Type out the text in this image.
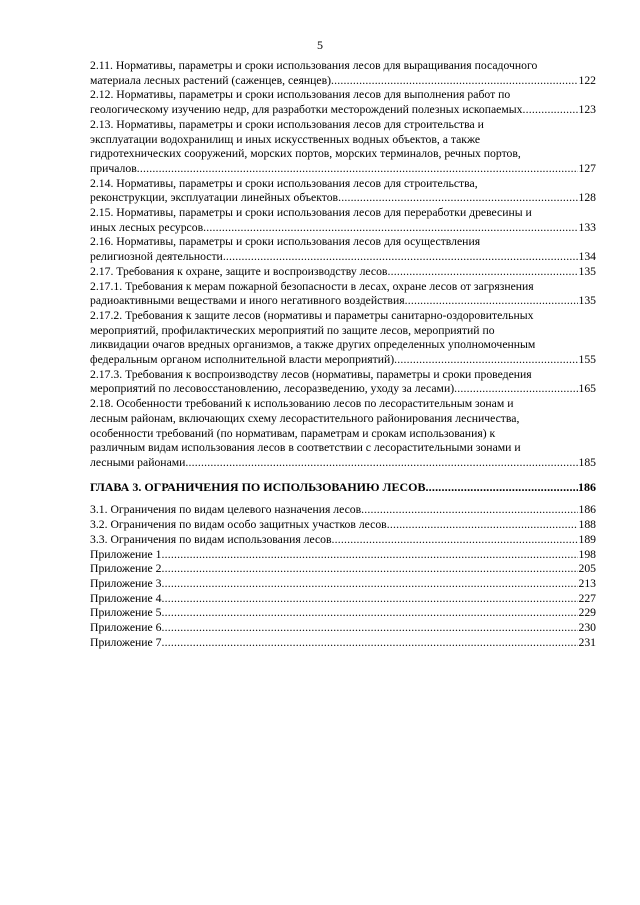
5
2.11. Нормативы, параметры и сроки использования лесов для выращивания посадочного
материала лесных растений (саженцев, сеянцев) .....	122
2.12. Нормативы, параметры и сроки использования лесов для выполнения работ по
геологическому изучению недр, для разработки месторождений полезных ископаемых .....	123
2.13. Нормативы, параметры и сроки использования лесов для строительства и
эксплуатации водохранилищ и иных искусственных водных объектов, а также
гидротехнических сооружений, морских портов, морских терминалов, речных портов,
причалов .....	127
2.14. Нормативы, параметры и сроки использования лесов для строительства,
реконструкции, эксплуатации линейных объектов .....	128
2.15. Нормативы, параметры и сроки использования лесов для переработки древесины и
иных лесных ресурсов .....	133
2.16. Нормативы, параметры и сроки использования лесов для осуществления
религиозной деятельности .....	134
2.17. Требования к охране, защите и воспроизводству лесов .....	135
2.17.1. Требования к мерам пожарной безопасности в лесах, охране лесов от загрязнения
радиоактивными веществами и иного негативного воздействия .....	135
2.17.2. Требования к защите лесов (нормативы и параметры санитарно-оздоровительных
мероприятий, профилактических мероприятий по защите лесов, мероприятий по
ликвидации очагов вредных организмов, а также других определенных уполномоченным
федеральным органом исполнительной власти мероприятий) .....	155
2.17.3. Требования к воспроизводству лесов (нормативы, параметры и сроки проведения
мероприятий по лесовосстановлению, лесоразведению, уходу за лесами) .....	165
2.18. Особенности требований к использованию лесов по лесорастительным зонам и
лесным районам, включающих схему лесорастительного районирования лесничества,
особенности требований (по нормативам, параметрам и срокам использования) к
различным видам использования лесов в соответствии с лесорастительными зонами и
лесными районами .....	185
ГЛАВА 3. ОГРАНИЧЕНИЯ ПО ИСПОЛЬЗОВАНИЮ ЛЕСОВ .....	186
3.1. Ограничения по видам целевого назначения лесов .....	186
3.2. Ограничения по видам особо защитных участков лесов .....	188
3.3. Ограничения по видам использования лесов .....	189
Приложение 1 .....	198
Приложение 2 .....	205
Приложение 3 .....	213
Приложение 4 .....	227
Приложение 5 .....	229
Приложение 6 .....	230
Приложение 7 .....	231
